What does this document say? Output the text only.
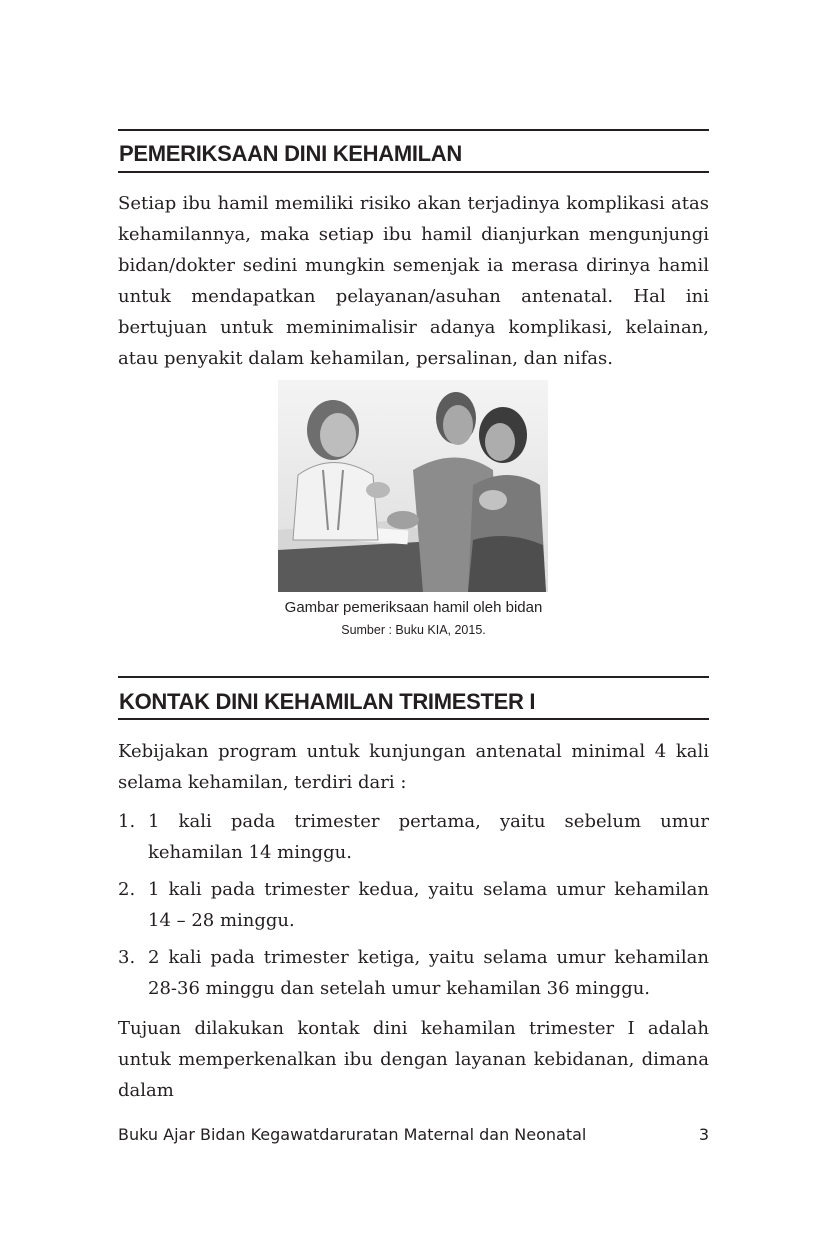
PEMERIKSAAN DINI KEHAMILAN

Setiap ibu hamil memiliki risiko akan terjadinya komplikasi atas kehamilannya, maka setiap ibu hamil dianjurkan mengunjungi bidan/dokter sedini mungkin semenjak ia merasa dirinya hamil untuk mendapatkan pelayanan/asuhan antenatal. Hal ini bertujuan untuk meminimalisir adanya komplikasi, kelainan, atau penyakit dalam kehamilan, persalinan, dan nifas.

Gambar pemeriksaan hamil oleh bidan

Sumber : Buku KIA, 2015.

KONTAK DINI KEHAMILAN TRIMESTER I

Kebijakan program untuk kunjungan antenatal minimal 4 kali selama kehamilan, terdiri dari :

1. 1 kali pada trimester pertama, yaitu sebelum umur kehamilan 14 minggu.
2. 1 kali pada trimester kedua, yaitu selama umur kehamilan 14 – 28 minggu.
3. 2 kali pada trimester ketiga, yaitu selama umur kehamilan 28-36 minggu dan setelah umur kehamilan 36 minggu.

Tujuan dilakukan kontak dini kehamilan trimester I adalah untuk memperkenalkan ibu dengan layanan kebidanan, dimana dalam

Buku Ajar Bidan Kegawatdaruratan Maternal dan Neonatal	3
